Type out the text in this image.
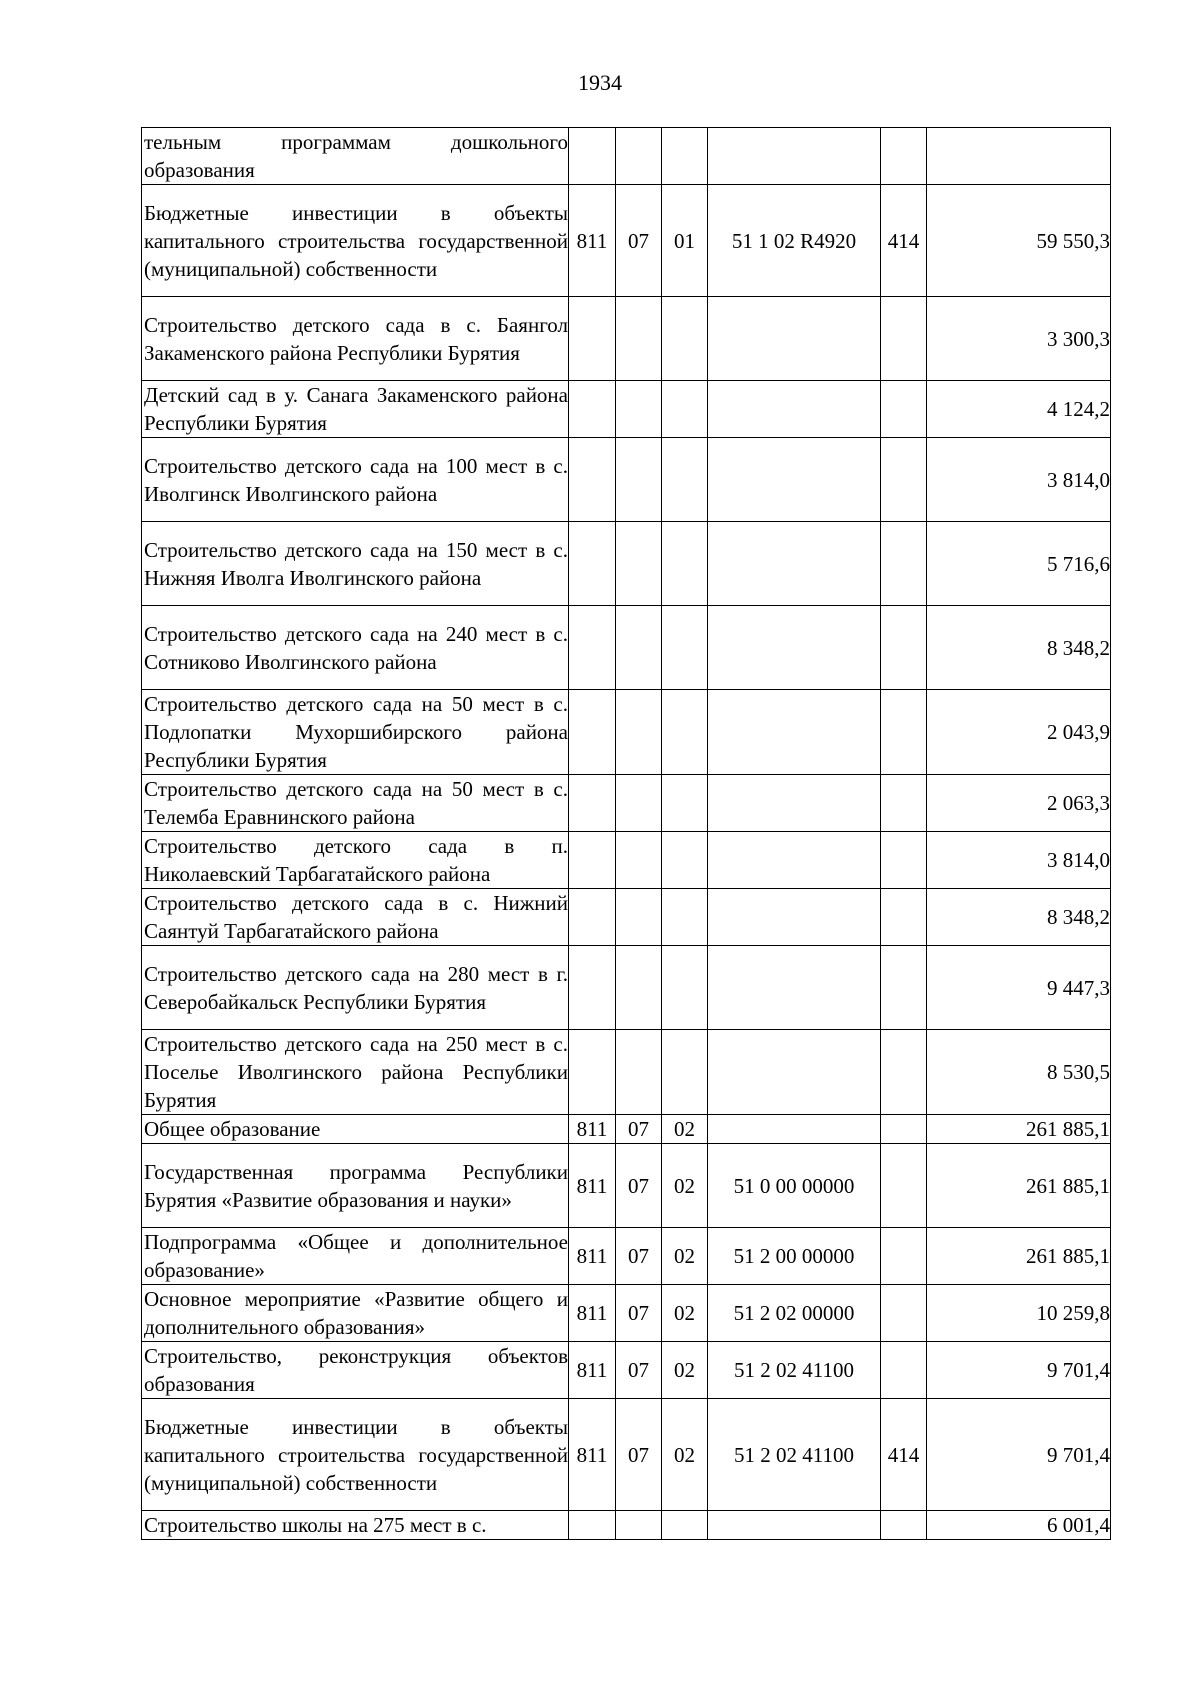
1934
тельным программам дошкольного образования						
Бюджетные инвестиции в объекты капитального строительства государственной (муниципальной) собственности	811	07	01	51 1 02 R4920	414	59 550,3
Строительство детского сада в с. Баянгол Закаменского района Республики Бурятия						3 300,3
Детский сад в у. Санага Закаменского района Республики Бурятия						4 124,2
Строительство детского сада на 100 мест в с. Иволгинск Иволгинского района						3 814,0
Строительство детского сада на 150 мест в с. Нижняя Иволга Иволгинского района						5 716,6
Строительство детского сада на 240 мест в с. Сотниково Иволгинского района						8 348,2
Строительство детского сада на 50 мест в с. Подлопатки Мухоршибирского района Республики Бурятия						2 043,9
Строительство детского сада на 50 мест в с. Телемба Еравнинского района						2 063,3
Строительство детского сада в п. Николаевский Тарбагатайского района						3 814,0
Строительство детского сада в с. Нижний Саянтуй Тарбагатайского района						8 348,2
Строительство детского сада на 280 мест в г. Северобайкальск Республики Бурятия						9 447,3
Строительство детского сада на 250 мест в с. Поселье Иволгинского района Республики Бурятия						8 530,5
Общее образование	811	07	02			261 885,1
Государственная программа Республики Бурятия «Развитие образования и науки»	811	07	02	51 0 00 00000		261 885,1
Подпрограмма «Общее и дополнительное образование»	811	07	02	51 2 00 00000		261 885,1
Основное мероприятие «Развитие общего и дополнительного образования»	811	07	02	51 2 02 00000		10 259,8
Строительство, реконструкция объектов образования	811	07	02	51 2 02 41100		9 701,4
Бюджетные инвестиции в объекты капитального строительства государственной (муниципальной) собственности	811	07	02	51 2 02 41100	414	9 701,4
Строительство школы на 275 мест в с.						6 001,4
